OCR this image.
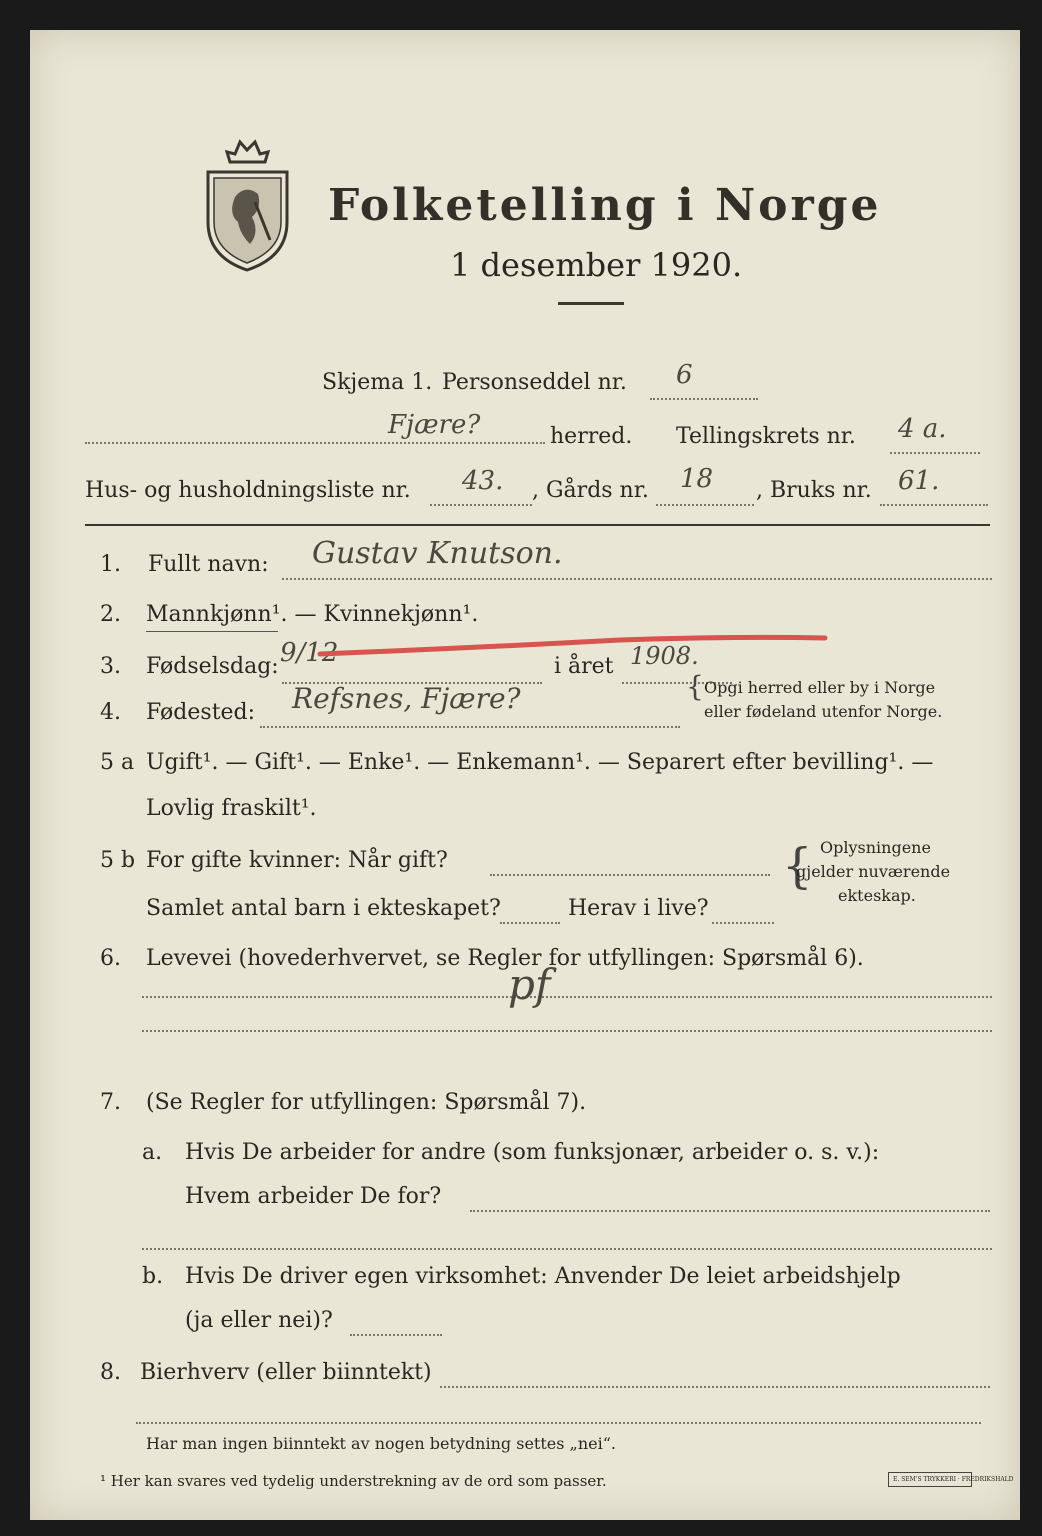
Folketelling i Norge
1 desember 1920.
Skjema 1. Personseddel nr. 6
Fjære?	herred. Tellingskrets nr. 4 a.
Hus- og husholdningsliste nr. 43. , Gårds nr. 18 , Bruks nr. 61.
1. Fullt navn: Gustav Knutson.
2. Mannkjønn¹. — Kvinnekjønn¹.
3. Fødselsdag: 9/12	i året 1908.
4. Fødested: Refsnes, Fjære?	{ Opgi herred eller by i Norge
eller fødeland utenfor Norge.
5 a Ugift¹. — Gift¹. — Enke¹. — Enkemann¹. — Separert efter bevilling¹. —
Lovlig fraskilt¹.
5 b For gifte kvinner: Når gift?
Samlet antal barn i ekteskapet?	Herav i live?
{ Oplysningene
gjelder nuværende
ekteskap.
6. Levevei (hovederhvervet, se Regler for utfyllingen: Spørsmål 6).
pf
7. (Se Regler for utfyllingen: Spørsmål 7).
a. Hvis De arbeider for andre (som funksjonær, arbeider o. s. v.):
Hvem arbeider De for?
b. Hvis De driver egen virksomhet: Anvender De leiet arbeidshjelp
(ja eller nei)?
8. Bierhverv (eller biinntekt)
Har man ingen biinntekt av nogen betydning settes „nei“.
¹ Her kan svares ved tydelig understrekning av de ord som passer.	E. SEM'S TRYKKERI · FREDRIKSHALD
